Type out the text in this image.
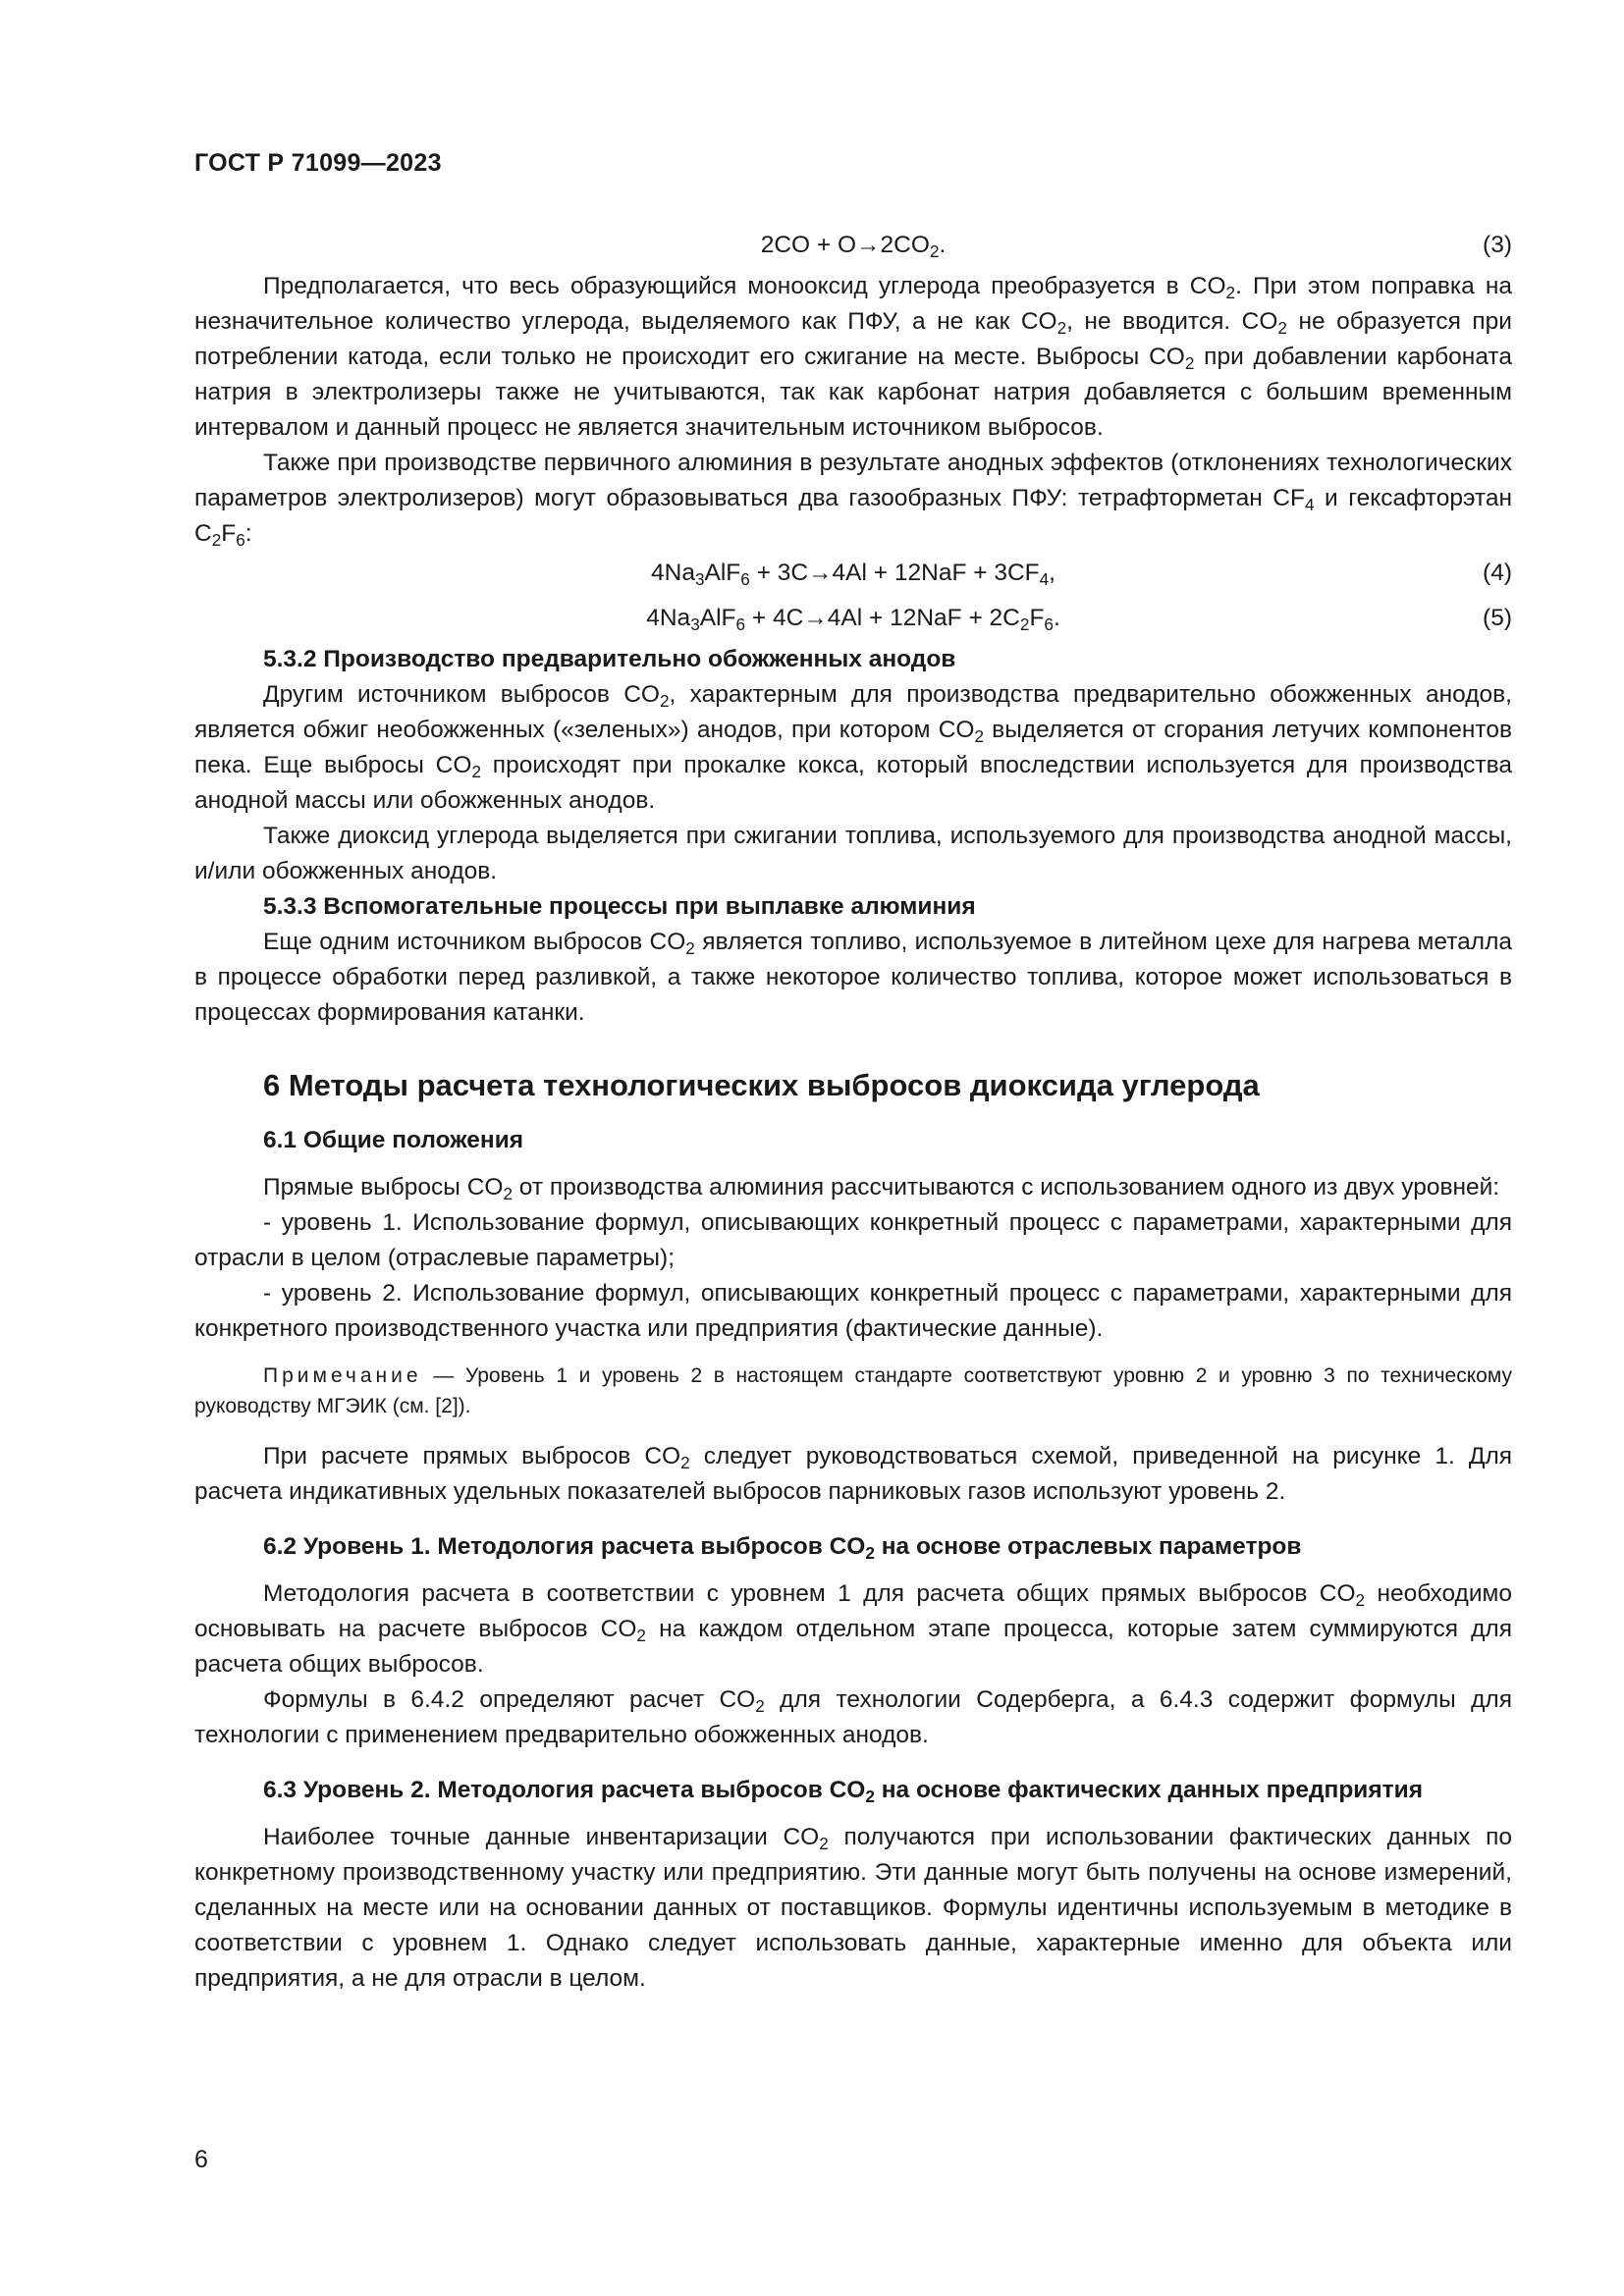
ГОСТ Р 71099—2023
$2CO + O\to 2CO_2$.	(3)

Предполагается, что весь образующийся монооксид углерода преобразуется в $CO_2$. При этом поправка на незначительное количество углерода, выделяемого как ПФУ, а не как $CO_2$, не вводится. $CO_2$ не образуется при потреблении катода, если только не происходит его сжигание на месте. Выбросы $CO_2$ при добавлении карбоната натрия в электролизеры также не учитываются, так как карбонат натрия добавляется с большим временным интервалом и данный процесс не является значительным источником выбросов.

Также при производстве первичного алюминия в результате анодных эффектов (отклонениях технологических параметров электролизеров) могут образовываться два газообразных ПФУ: тетрафторметан $CF_4$ и гексафторэтан $C_2F_6$:

$4Na_3AlF_6 + 3C\to 4Al + 12NaF + 3CF_4$,	(4)
$4Na_3AlF_6 + 4C\to 4Al + 12NaF + 2C_2F_6$.	(5)

5.3.2 Производство предварительно обожженных анодов

Другим источником выбросов $CO_2$, характерным для производства предварительно обожженных анодов, является обжиг необожженных («зеленых») анодов, при котором $CO_2$ выделяется от сгорания летучих компонентов пека. Еще выбросы $CO_2$ происходят при прокалке кокса, который впоследствии используется для производства анодной массы или обожженных анодов.

Также диоксид углерода выделяется при сжигании топлива, используемого для производства анодной массы, и/или обожженных анодов.

5.3.3 Вспомогательные процессы при выплавке алюминия

Еще одним источником выбросов $CO_2$ является топливо, используемое в литейном цехе для нагрева металла в процессе обработки перед разливкой, а также некоторое количество топлива, которое может использоваться в процессах формирования катанки.

6 Методы расчета технологических выбросов диоксида углерода
6.1 Общие положения

Прямые выбросы $CO_2$ от производства алюминия рассчитываются с использованием одного из двух уровней:

- уровень 1. Использование формул, описывающих конкретный процесс с параметрами, характерными для отрасли в целом (отраслевые параметры);

- уровень 2. Использование формул, описывающих конкретный процесс с параметрами, характерными для конкретного производственного участка или предприятия (фактические данные).

Примечание — Уровень 1 и уровень 2 в настоящем стандарте соответствуют уровню 2 и уровню 3 по техническому руководству МГЭИК (см. [2]).

При расчете прямых выбросов $CO_2$ следует руководствоваться схемой, приведенной на рисунке 1. Для расчета индикативных удельных показателей выбросов парниковых газов используют уровень 2.

6.2 Уровень 1. Методология расчета выбросов $CO_2$ на основе отраслевых параметров

Методология расчета в соответствии с уровнем 1 для расчета общих прямых выбросов $CO_2$ необходимо основывать на расчете выбросов $CO_2$ на каждом отдельном этапе процесса, которые затем суммируются для расчета общих выбросов.

Формулы в 6.4.2 определяют расчет $CO_2$ для технологии Содерберга, а 6.4.3 содержит формулы для технологии с применением предварительно обожженных анодов.

6.3 Уровень 2. Методология расчета выбросов $CO_2$ на основе фактических данных предприятия

Наиболее точные данные инвентаризации $CO_2$ получаются при использовании фактических данных по конкретному производственному участку или предприятию. Эти данные могут быть получены на основе измерений, сделанных на месте или на основании данных от поставщиков. Формулы идентичны используемым в методике в соответствии с уровнем 1. Однако следует использовать данные, характерные именно для объекта или предприятия, а не для отрасли в целом.

6
